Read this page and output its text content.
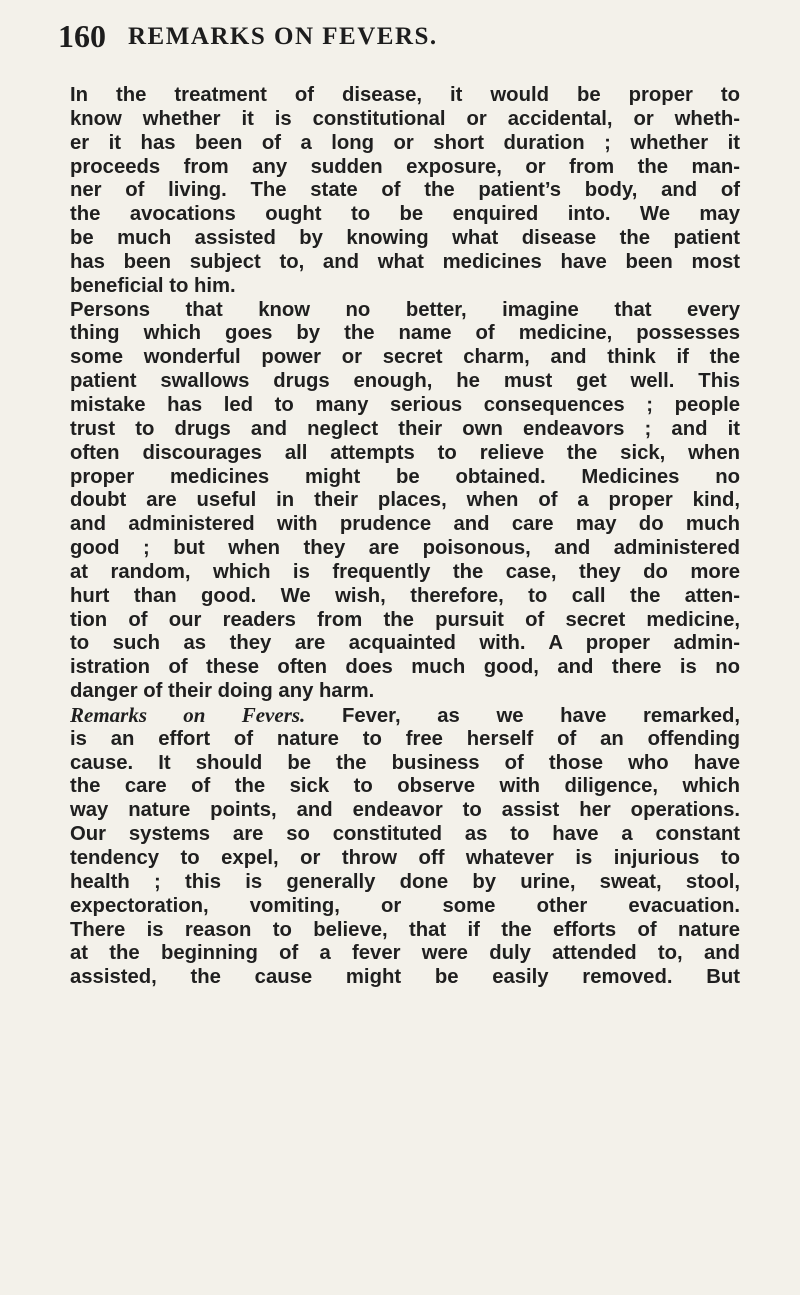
160 REMARKS ON FEVERS.

In the treatment of disease, it would be proper to
know whether it is constitutional or accidental, or wheth-
er it has been of a long or short duration ; whether it
proceeds from any sudden exposure, or from the man-
ner of living. The state of the patient’s body, and of
the avocations ought to be enquired into. We may
be much assisted by knowing what disease the patient
has been subject to, and what medicines have been most
beneficial to him.

Persons that know no better, imagine that every
thing which goes by the name of medicine, possesses
some wonderful power or secret charm, and think if the
patient swallows drugs enough, he must get well. This
mistake has led to many serious consequences ; people
trust to drugs and neglect their own endeavors ; and it
often discourages all attempts to relieve the sick, when
proper medicines might be obtained. Medicines no
doubt are useful in their places, when of a proper kind,
and administered with prudence and care may do much
good ; but when they are poisonous, and administered
at random, which is frequently the case, they do more
hurt than good. We wish, therefore, to call the atten-
tion of our readers from the pursuit of secret medicine,
to such as they are acquainted with. A proper admin-
istration of these often does much good, and there is no
danger of their doing any harm.

Remarks on Fevers. Fever, as we have remarked,
is an effort of nature to free herself of an offending
cause. It should be the business of those who have
the care of the sick to observe with diligence, which
way nature points, and endeavor to assist her operations.
Our systems are so constituted as to have a constant
tendency to expel, or throw off whatever is injurious to
health ; this is generally done by urine, sweat, stool,
expectoration, vomiting, or some other evacuation.
There is reason to believe, that if the efforts of nature
at the beginning of a fever were duly attended to, and
assisted, the cause might be easily removed. But
